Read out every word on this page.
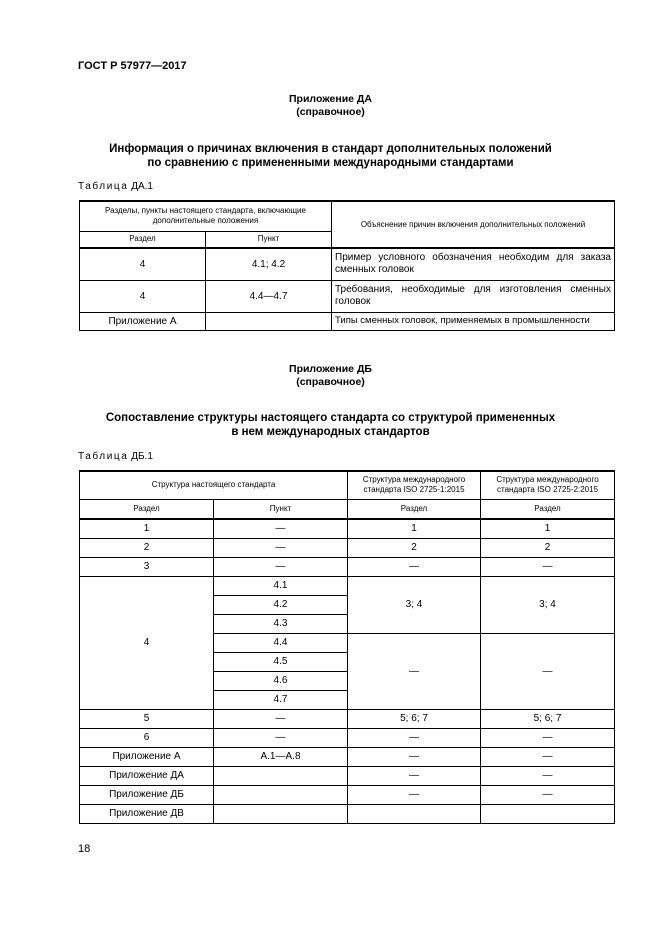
ГОСТ Р 57977—2017
Приложение ДА
(справочное)
Информация о причинах включения в стандарт дополнительных положений
по сравнению с примененными международными стандартами
Таблица ДА.1
Разделы, пункты настоящего стандарта, включающие дополнительные положения		Объяснение причин включения дополнительных положений
Раздел	Пункт	
4	4.1; 4.2	Пример условного обозначения необходим для заказа сменных головок
4	4.4—4.7	Требования, необходимые для изготовления сменных головок
Приложение А		Типы сменных головок, применяемых в промышленности
Приложение ДБ
(справочное)
Сопоставление структуры настоящего стандарта со структурой примененных
в нем международных стандартов
Таблица ДБ.1
Структура настоящего стандарта		Структура международного стандарта ISO 2725-1:2015	Структура международного стандарта ISO 2725-2:2015
Раздел	Пункт	Раздел	Раздел
1	—	1	1
2	—	2	2
3	—	—	—
4	4.1	3; 4	3; 4
	4.2		
	4.3		
	4.4	—	—
	4.5		
	4.6		
	4.7		
5	—	5; 6; 7	5; 6; 7
6	—	—	—
Приложение А	А.1—А.8	—	—
Приложение ДА		—	—
Приложение ДБ		—	—
Приложение ДВ			
18
